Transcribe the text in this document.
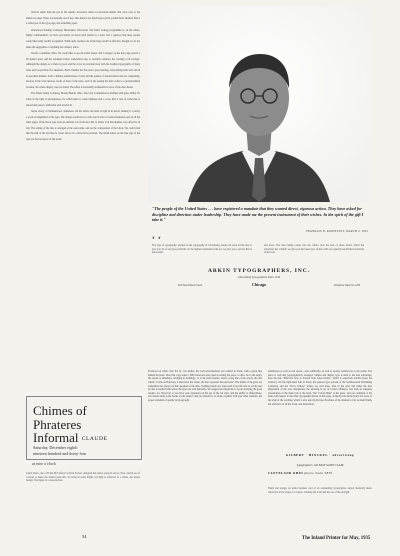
Vertical rather than the use of the usually decorative letters in decorated initials that cross over to the initial text page. These are naturally out of key; thus there is too much space given around them. Readers find it a rather part of the type page, and something apart.

Wauwatosa Printing Company, Milwaukee, Wisconsin. The Kiner College programme is, on the whole, highly commendable; we have previously set down such details as a letter and a typeface that most people would like being readily recognized. While quite another one in the large result be effective, though we do not make the suggestion of anything but ordinary effort.

Owens, Columbus, Ohio. We would like to see the items 'Roses' and 'Colleges' on the title page spaced a bit further apart, and the ornament below, somewhere else, is certainly centered, the wording a bit stronger. Although the design as a whole is good, and the cover in excellent taste with the Cushion typography of many fonts and Cooper Bold for emphasis. Both combine the fine news space heading, and printing both well and in an excellent manner. Such a definite sensitiveness of style and the quality of characteristics that are compelling, because in the wide lustrous words of most of the issue, each of the seating the lines come to a predetermined location, the whole display was not found. The offset is unvariably sustainable in view of the extra heads.

The Shade Stamp Company, Mount Hurrah, Ohio. The Clay Compilation is handled with great ability. Its value in the light of pleasantness, for which there is some lightness and a cover that is best in some that is placed and used, is admirable with all and all.

Jasper Avery, of Sillimantown, Tennessee. On the whole, the letter is right in its mood, making it a purely a work accomplished of the type. The design would not be a fine one in view of some inclination, and of all the other pages. If the block type were an element, it is in the fact this to whole is in this manner, very effective in day. The setting of the line is arranged at the outer ends, and on the composition of the block. We could wish that the half of the last line be closer and so be a little more personal. The initial letters on the fine type of the type are the best piece of the result.

"The people of the United States . . . have registered a mandate that they wanted direct, vigorous action. They have asked for discipline and direction under leadership. They have made me the present instrument of their wishes. In the spirit of the gift I take it."
FRANKLIN D. ROOSEVELT, MARCH 4, 1933
❦ ❦
The type of typography: pioneer in the typography of advertising. Arkin can serve all the best to give you all of our type problems. To the highest standards in the art, we give you a service that is unexcelled.
and more. The line-casting comes into the whole, plus the best of those letters which the advertiser has at hand; we give you the latest type, in line with our regularly established standards of the best.
ARKIN TYPOGRAPHERS, INC.
Advertising Typographers Since 1910
616 West Illinois Street	Chicago	Telephone Superior 4436
Chimes of
Phrateres
Informal CLAUDE
Saturday, December eighth
nineteen hundred and thirty-four
at nine o'clock
Glenn Dawe, one of Frank McCaffrey's staff in Seattle, designed this dance program above. Note careful use of Coronet to make the shaded print title. To bring in some bright, red light is achieved as a whole, the whole design. The figure is a reproduction.

Produced on white card, 8¼ by 11¼ inches, the wall advertisement was printed in black, with a green line behind the head. Note that copy states 7,000 characters were used in setting the piece. to dive. As to the setup, the layout is shipshape, bringing in strikingly, as is the chief feature, about a long line of the words, the line which, "Come on Harrison, it must have the vision, the line expresses the idea here". The minds of the great are sometimes not always on this question of the time. Nothing stands out. Sans-serif is not the best to set the text in; this is another item where the type was read hurriedly. We suggest the importance of your studying the good readers, too. However, if you have your experience in the use of the old stylo, and the ability to differentiate, you should study some books on the subject, and you should try to attain, together with your other qualities, the proper standard of quality in typography.

submission as well as real speed,—and, admirably, as well as exactly satisfactory to the reader. The piece is well and typographically arranged. Simple and display type is used to the best advantage; note the title "Effective Way to Stretch Your Sales Dollar," which is especially notable (note the Ludlow). On the right-hand half in black, the general type portrait of the Southwestern Publishing Company, and the "Navy Yellow" folder, are well done. One of the ones that make the best impression of the text. Adequately, the lettering is set of Caslon Oldstyle, and with an adequate presentation of the main rule at the head. The "Cobalt Blue" is the piece, and our comment is the same with respect to the other typography shown on this page. A display line in the black and color, is the style of the wording, which is also used in the line. Brochure of the smallest of all. A small finish, but attractive of all the Stark, one illustration.

GILBERT · HINCKEL · advertising
typographers 126 EAST SAINT CLAIR
CLEVELAND OHIO phone main 5839
Black and orange on white business card of an outstanding typographer, turned modernly mark. Attractive in the shape of a square, bonding the form and the use of the strength.
54	The Inland Printer for May, 1935
